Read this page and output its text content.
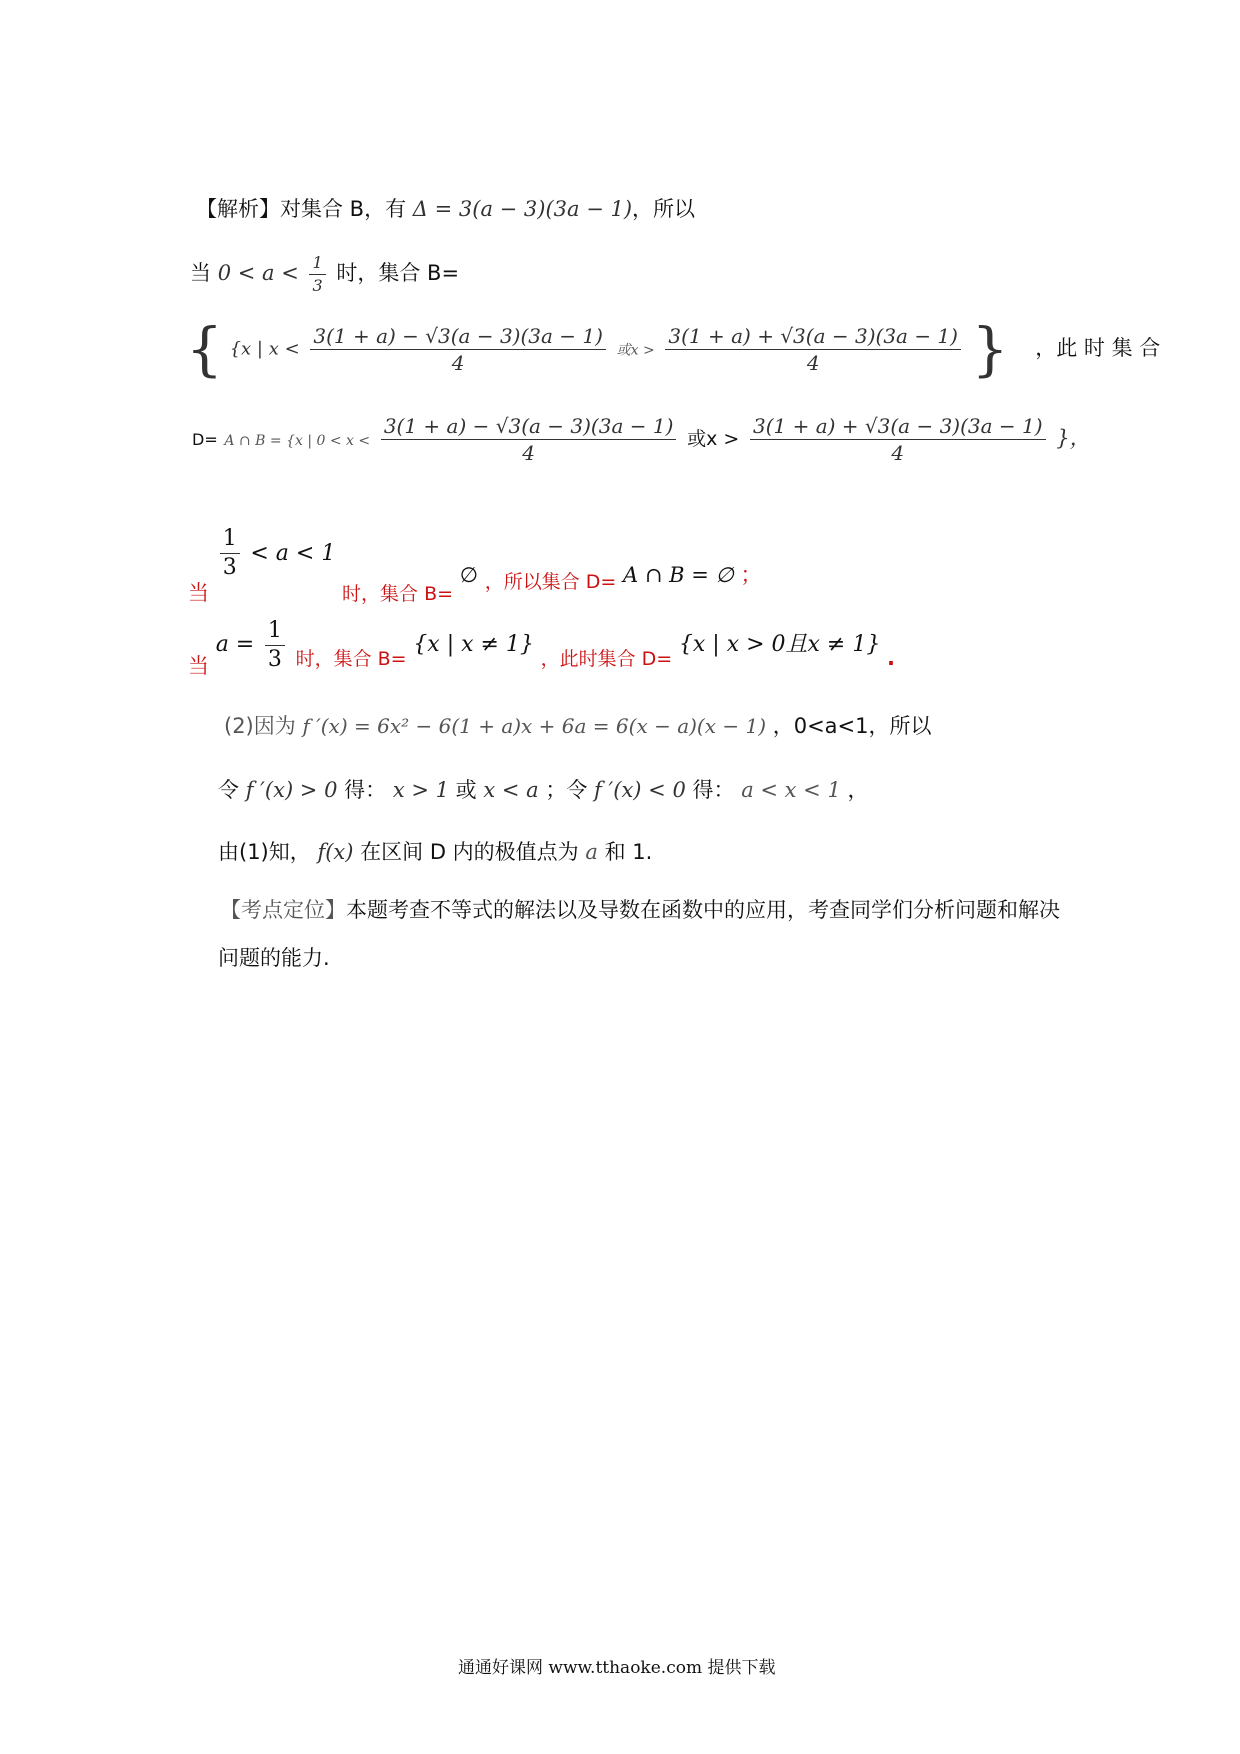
【解析】对集合 B，有 Δ = 3(a − 3)(3a − 1)，所以
当 $0 < a < \frac{1}{3}$ 时，集合 B=
{ {x | $x < \frac{3(1 + a) - √3(a - 3)(3a - 1)}{4}$ 或$x > \frac{3(1 + a) + √3(a - 3)(3a - 1)}{4}$ } ，此 时 集 合
D= A ∩ B = {x | $0 < x < \frac{3(1 + a) - √3(a - 3)(3a - 1)}{4}$ 或$x > \frac{3(1 + a) + √3(a - 3)(3a - 1)}{4}$ }，
当
$\frac{1}{3} < a < 1$ 时，集合 B= ∅ ，所以集合 D= A ∩ B = ∅ ；
当 $a = \frac{1}{3}$ 时，集合 B= {x | x ≠ 1} ，此时集合 D= {x | x > 0且x ≠ 1} .
(2)因为 f ′(x) = 6x² − 6(1 + a)x + 6a = 6(x − a)(x − 1) ，0<a<1，所以
令 f ′(x) > 0 得： x > 1 或 x < a ；令 f ′(x) < 0 得： a < x < 1 ，
由(1)知， f(x) 在区间 D 内的极值点为 a 和 1.
【考点定位】本题考查不等式的解法以及导数在函数中的应用，考查同学们分析问题和解决
问题的能力.
通通好课网 www.tthaoke.com 提供下载
